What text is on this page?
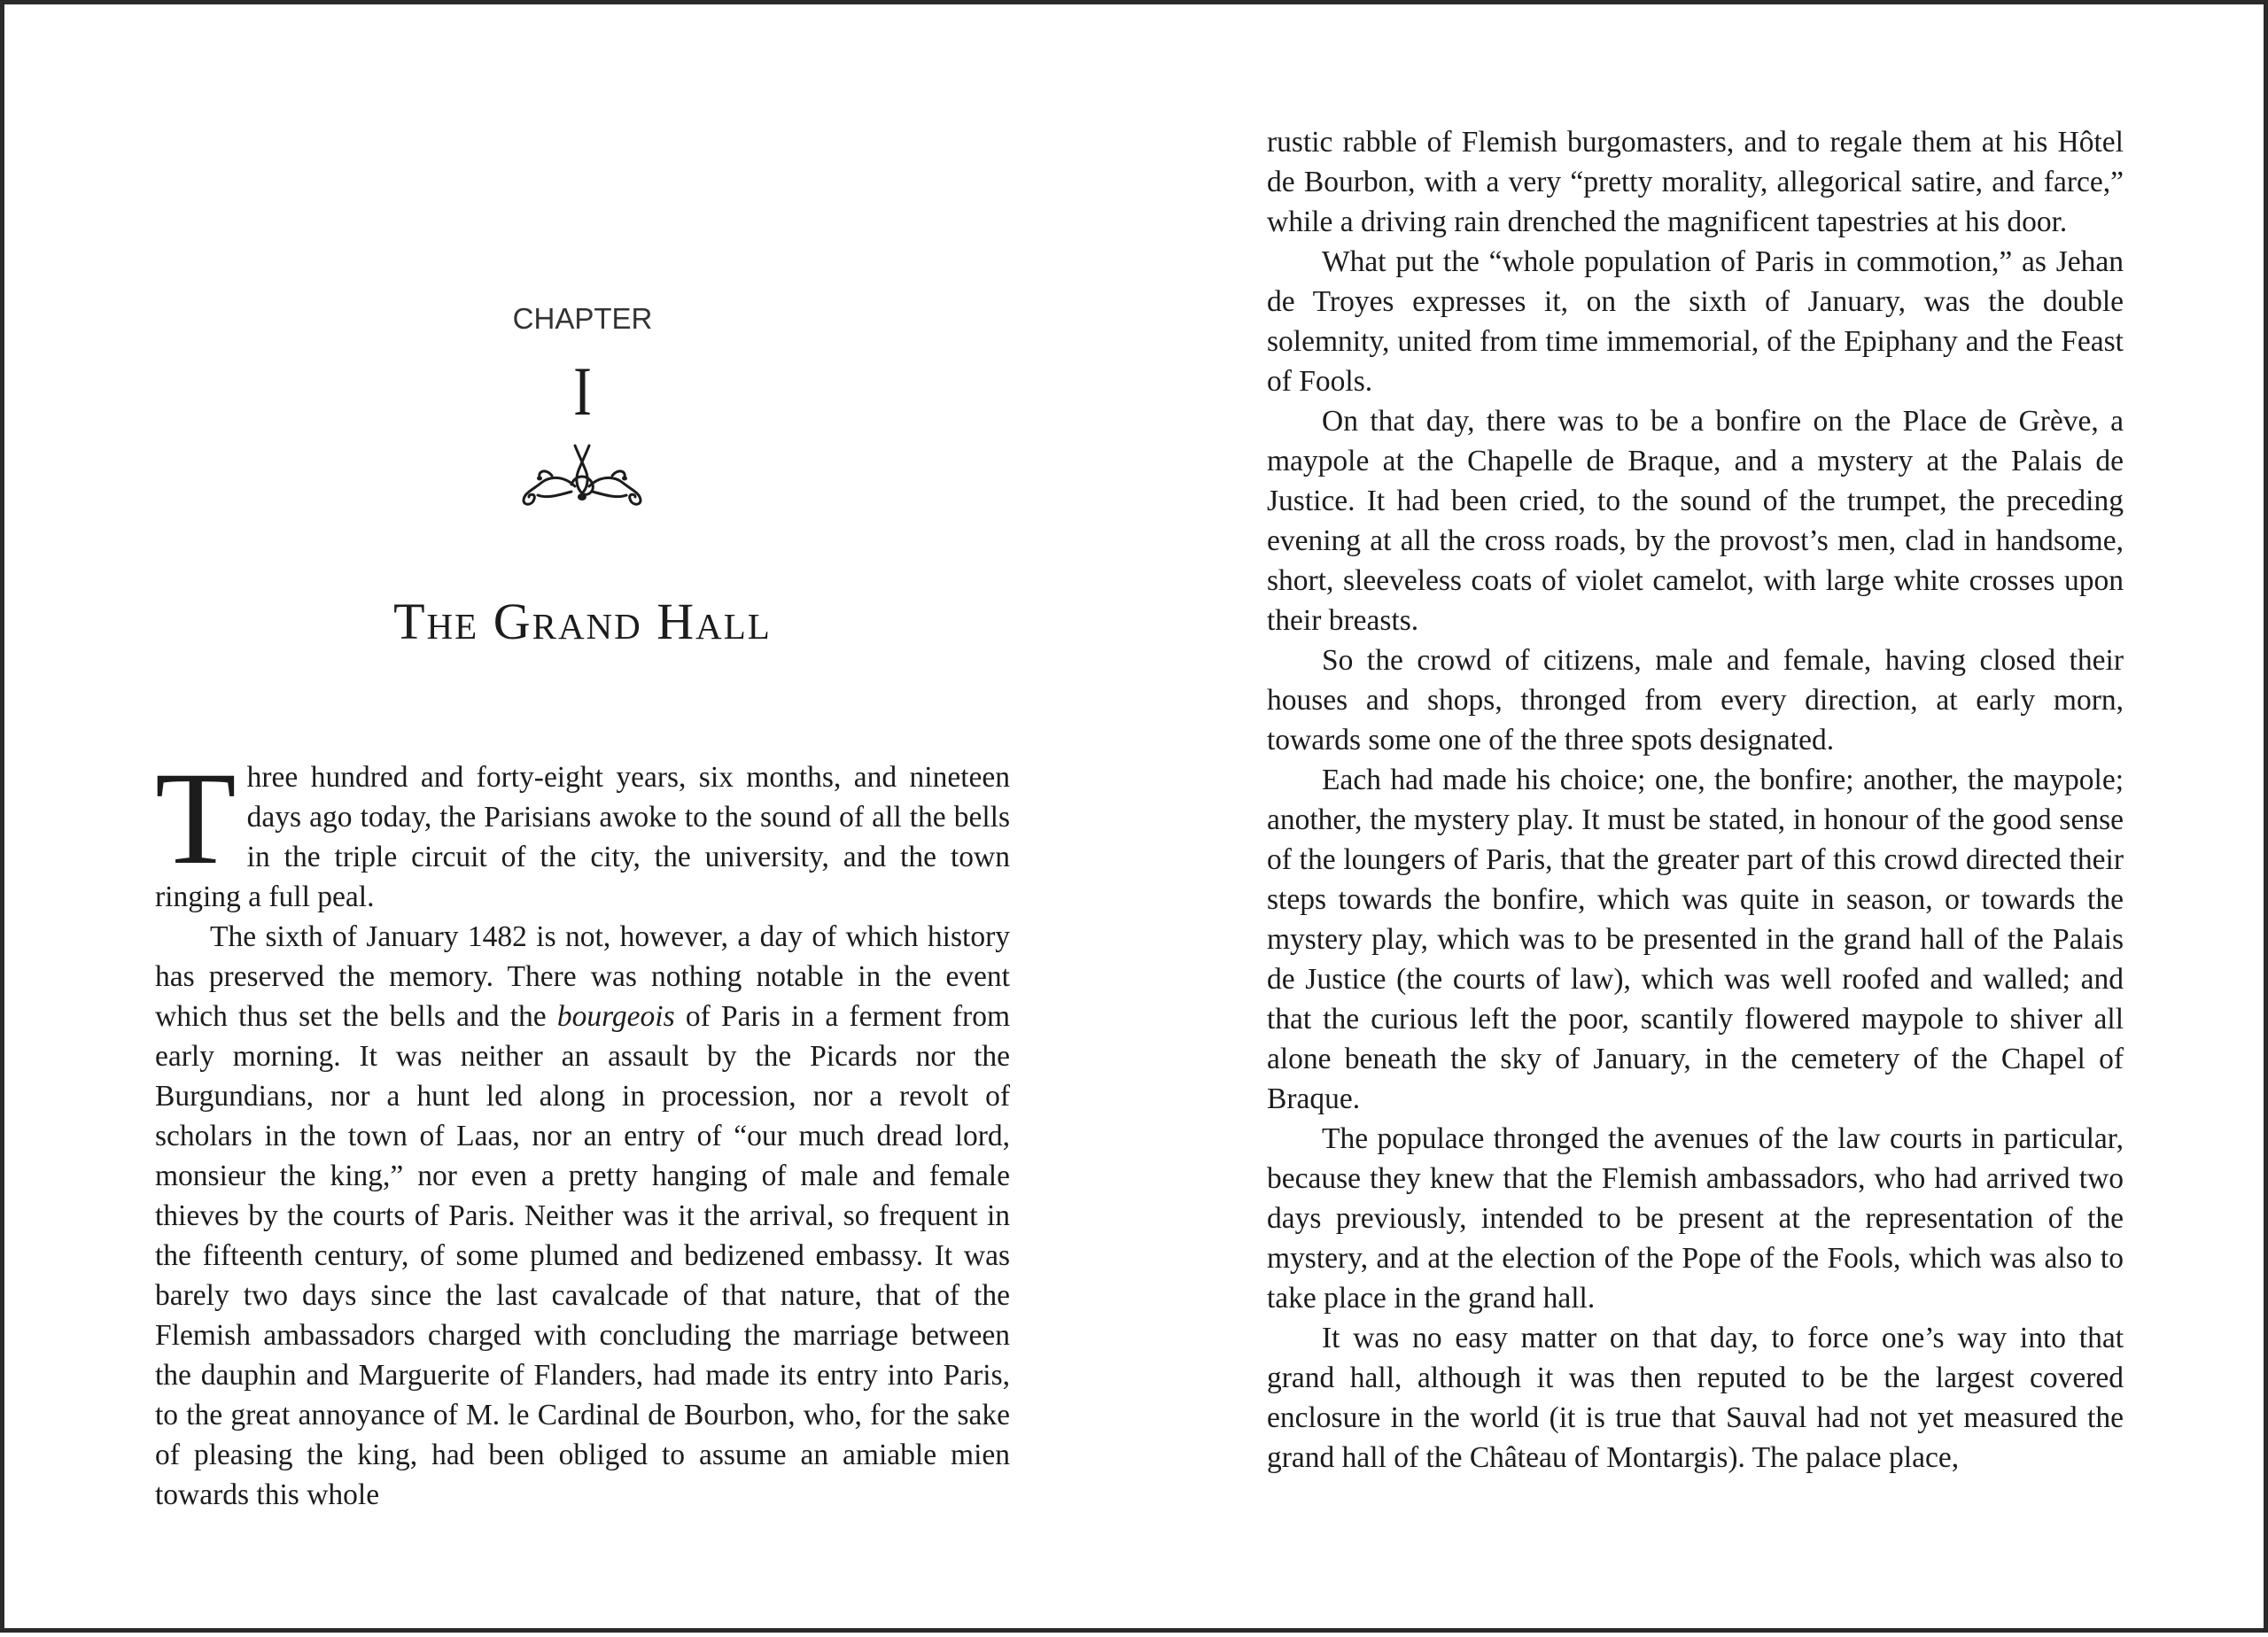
CHAPTER
I
The Grand Hall

Three hundred and forty-eight years, six months, and nineteen days ago today, the Parisians awoke to the sound of all the bells in the triple circuit of the city, the university, and the town ringing a full peal.

The sixth of January 1482 is not, however, a day of which history has preserved the memory. There was nothing notable in the event which thus set the bells and the bourgeois of Paris in a ferment from early morning. It was neither an assault by the Picards nor the Burgundians, nor a hunt led along in procession, nor a revolt of scholars in the town of Laas, nor an entry of “our much dread lord, monsieur the king,” nor even a pretty hanging of male and female thieves by the courts of Paris. Neither was it the arrival, so frequent in the fifteenth century, of some plumed and bedizened embassy. It was barely two days since the last cavalcade of that nature, that of the Flemish ambassadors charged with concluding the marriage between the dauphin and Marguerite of Flanders, had made its entry into Paris, to the great annoyance of M. le Cardinal de Bourbon, who, for the sake of pleasing the king, had been obliged to assume an amiable mien towards this whole

rustic rabble of Flemish burgomasters, and to regale them at his Hôtel de Bourbon, with a very “pretty morality, allegorical satire, and farce,” while a driving rain drenched the magnificent tapestries at his door.

What put the “whole population of Paris in commotion,” as Jehan de Troyes expresses it, on the sixth of January, was the double solemnity, united from time immemorial, of the Epiphany and the Feast of Fools.

On that day, there was to be a bonfire on the Place de Grève, a maypole at the Chapelle de Braque, and a mystery at the Palais de Justice. It had been cried, to the sound of the trumpet, the preceding evening at all the cross roads, by the provost’s men, clad in handsome, short, sleeveless coats of violet camelot, with large white crosses upon their breasts.

So the crowd of citizens, male and female, having closed their houses and shops, thronged from every direction, at early morn, towards some one of the three spots designated.

Each had made his choice; one, the bonfire; another, the maypole; another, the mystery play. It must be stated, in honour of the good sense of the loungers of Paris, that the greater part of this crowd directed their steps towards the bonfire, which was quite in season, or towards the mystery play, which was to be presented in the grand hall of the Palais de Justice (the courts of law), which was well roofed and walled; and that the curious left the poor, scantily flowered maypole to shiver all alone beneath the sky of January, in the cemetery of the Chapel of Braque.

The populace thronged the avenues of the law courts in particular, because they knew that the Flemish ambassadors, who had arrived two days previously, intended to be present at the representation of the mystery, and at the election of the Pope of the Fools, which was also to take place in the grand hall.

It was no easy matter on that day, to force one’s way into that grand hall, although it was then reputed to be the largest covered enclosure in the world (it is true that Sauval had not yet measured the grand hall of the Château of Montargis). The palace place,
